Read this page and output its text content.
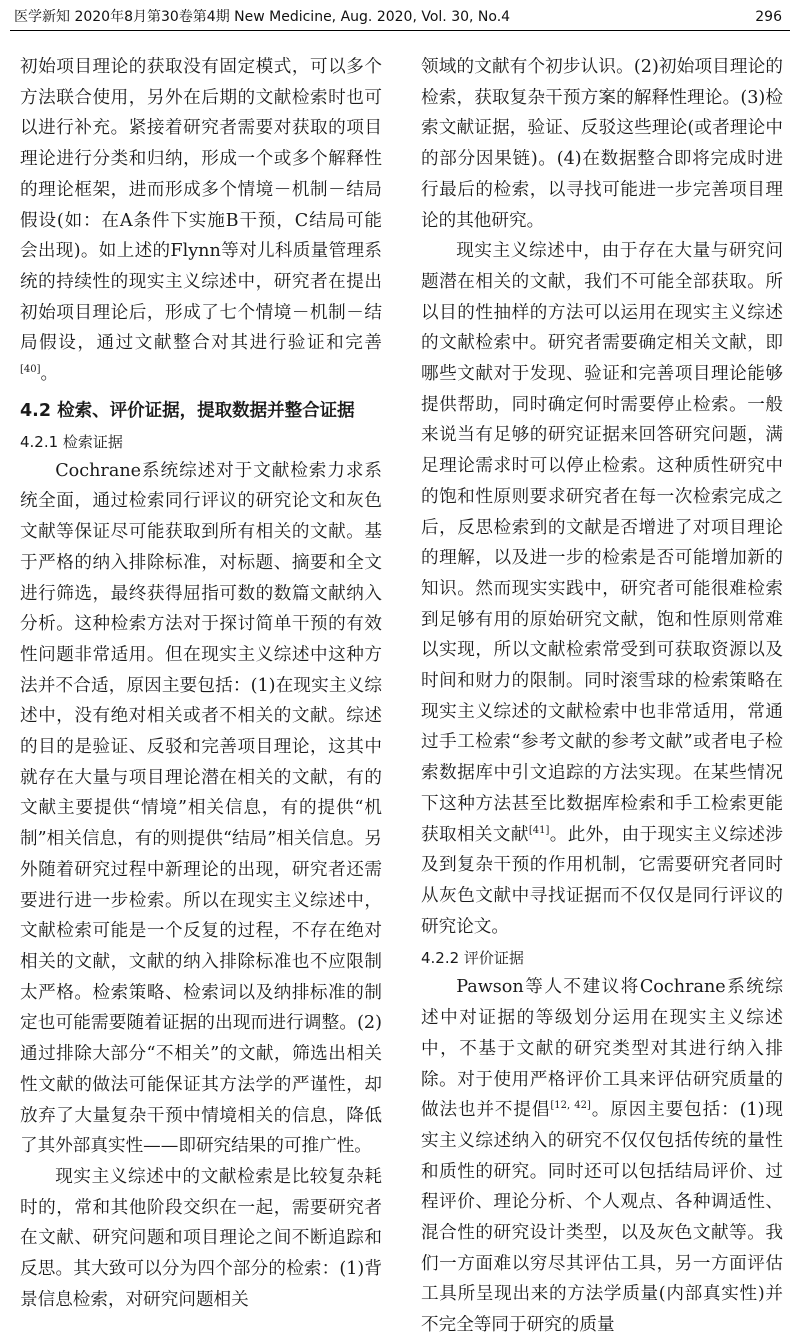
医学新知 2020年8月第30卷第4期 New Medicine, Aug. 2020, Vol. 30, No.4	296

初始项目理论的获取没有固定模式，可以多个方法联合使用，另外在后期的文献检索时也可以进行补充。紧接着研究者需要对获取的项目理论进行分类和归纳，形成一个或多个解释性的理论框架，进而形成多个情境－机制－结局假设(如：在A条件下实施B干预，C结局可能会出现)。如上述的Flynn等对儿科质量管理系统的持续性的现实主义综述中，研究者在提出初始项目理论后，形成了七个情境－机制－结局假设，通过文献整合对其进行验证和完善[40]。

4.2 检索、评价证据，提取数据并整合证据
4.2.1 检索证据

Cochrane系统综述对于文献检索力求系统全面，通过检索同行评议的研究论文和灰色文献等保证尽可能获取到所有相关的文献。基于严格的纳入排除标准，对标题、摘要和全文进行筛选，最终获得屈指可数的数篇文献纳入分析。这种检索方法对于探讨简单干预的有效性问题非常适用。但在现实主义综述中这种方法并不合适，原因主要包括：(1)在现实主义综述中，没有绝对相关或者不相关的文献。综述的目的是验证、反驳和完善项目理论，这其中就存在大量与项目理论潜在相关的文献，有的文献主要提供“情境”相关信息，有的提供“机制”相关信息，有的则提供“结局”相关信息。另外随着研究过程中新理论的出现，研究者还需要进行进一步检索。所以在现实主义综述中，文献检索可能是一个反复的过程，不存在绝对相关的文献，文献的纳入排除标准也不应限制太严格。检索策略、检索词以及纳排标准的制定也可能需要随着证据的出现而进行调整。(2)通过排除大部分“不相关”的文献，筛选出相关性文献的做法可能保证其方法学的严谨性，却放弃了大量复杂干预中情境相关的信息，降低了其外部真实性——即研究结果的可推广性。

现实主义综述中的文献检索是比较复杂耗时的，常和其他阶段交织在一起，需要研究者在文献、研究问题和项目理论之间不断追踪和反思。其大致可以分为四个部分的检索：(1)背景信息检索，对研究问题相关

领域的文献有个初步认识。(2)初始项目理论的检索，获取复杂干预方案的解释性理论。(3)检索文献证据，验证、反驳这些理论(或者理论中的部分因果链)。(4)在数据整合即将完成时进行最后的检索，以寻找可能进一步完善项目理论的其他研究。

现实主义综述中，由于存在大量与研究问题潜在相关的文献，我们不可能全部获取。所以目的性抽样的方法可以运用在现实主义综述的文献检索中。研究者需要确定相关文献，即哪些文献对于发现、验证和完善项目理论能够提供帮助，同时确定何时需要停止检索。一般来说当有足够的研究证据来回答研究问题，满足理论需求时可以停止检索。这种质性研究中的饱和性原则要求研究者在每一次检索完成之后，反思检索到的文献是否增进了对项目理论的理解，以及进一步的检索是否可能增加新的知识。然而现实实践中，研究者可能很难检索到足够有用的原始研究文献，饱和性原则常难以实现，所以文献检索常受到可获取资源以及时间和财力的限制。同时滚雪球的检索策略在现实主义综述的文献检索中也非常适用，常通过手工检索“参考文献的参考文献”或者电子检索数据库中引文追踪的方法实现。在某些情况下这种方法甚至比数据库检索和手工检索更能获取相关文献[41]。此外，由于现实主义综述涉及到复杂干预的作用机制，它需要研究者同时从灰色文献中寻找证据而不仅仅是同行评议的研究论文。

4.2.2 评价证据

Pawson等人不建议将Cochrane系统综述中对证据的等级划分运用在现实主义综述中，不基于文献的研究类型对其进行纳入排除。对于使用严格评价工具来评估研究质量的做法也并不提倡[12, 42]。原因主要包括：(1)现实主义综述纳入的研究不仅仅包括传统的量性和质性的研究。同时还可以包括结局评价、过程评价、理论分析、个人观点、各种调适性、混合性的研究设计类型，以及灰色文献等。我们一方面难以穷尽其评估工具，另一方面评估工具所呈现出来的方法学质量(内部真实性)并不完全等同于研究的质量
